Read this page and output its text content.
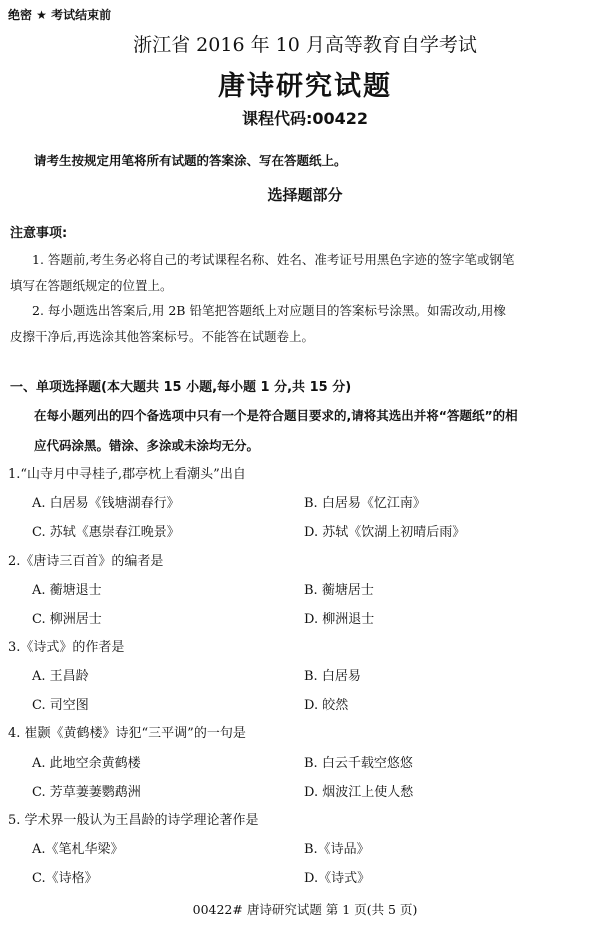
绝密 ★ 考试结束前
浙江省 2016 年 10 月高等教育自学考试
唐诗研究试题
课程代码:00422
请考生按规定用笔将所有试题的答案涂、写在答题纸上。
选择题部分
注意事项:
1. 答题前,考生务必将自己的考试课程名称、姓名、准考证号用黑色字迹的签字笔或钢笔
填写在答题纸规定的位置上。
2. 每小题选出答案后,用 2B 铅笔把答题纸上对应题目的答案标号涂黑。如需改动,用橡
皮擦干净后,再选涂其他答案标号。不能答在试题卷上。
一、单项选择题(本大题共 15 小题,每小题 1 分,共 15 分)
在每小题列出的四个备选项中只有一个是符合题目要求的,请将其选出并将“答题纸”的相
应代码涂黑。错涂、多涂或未涂均无分。
1.“山寺月中寻桂子,郡亭枕上看潮头”出自
A. 白居易《钱塘湖春行》	B. 白居易《忆江南》
C. 苏轼《惠崇春江晚景》	D. 苏轼《饮湖上初晴后雨》
2.《唐诗三百首》的编者是
A. 蘅塘退士	B. 蘅塘居士
C. 柳洲居士	D. 柳洲退士
3.《诗式》的作者是
A. 王昌龄	B. 白居易
C. 司空图	D. 皎然
4. 崔颢《黄鹤楼》诗犯“三平调”的一句是
A. 此地空余黄鹤楼	B. 白云千载空悠悠
C. 芳草萋萋鹦鹉洲	D. 烟波江上使人愁
5. 学术界一般认为王昌龄的诗学理论著作是
A.《笔札华梁》	B.《诗品》
C.《诗格》	D.《诗式》
00422# 唐诗研究试题 第 1 页(共 5 页)
